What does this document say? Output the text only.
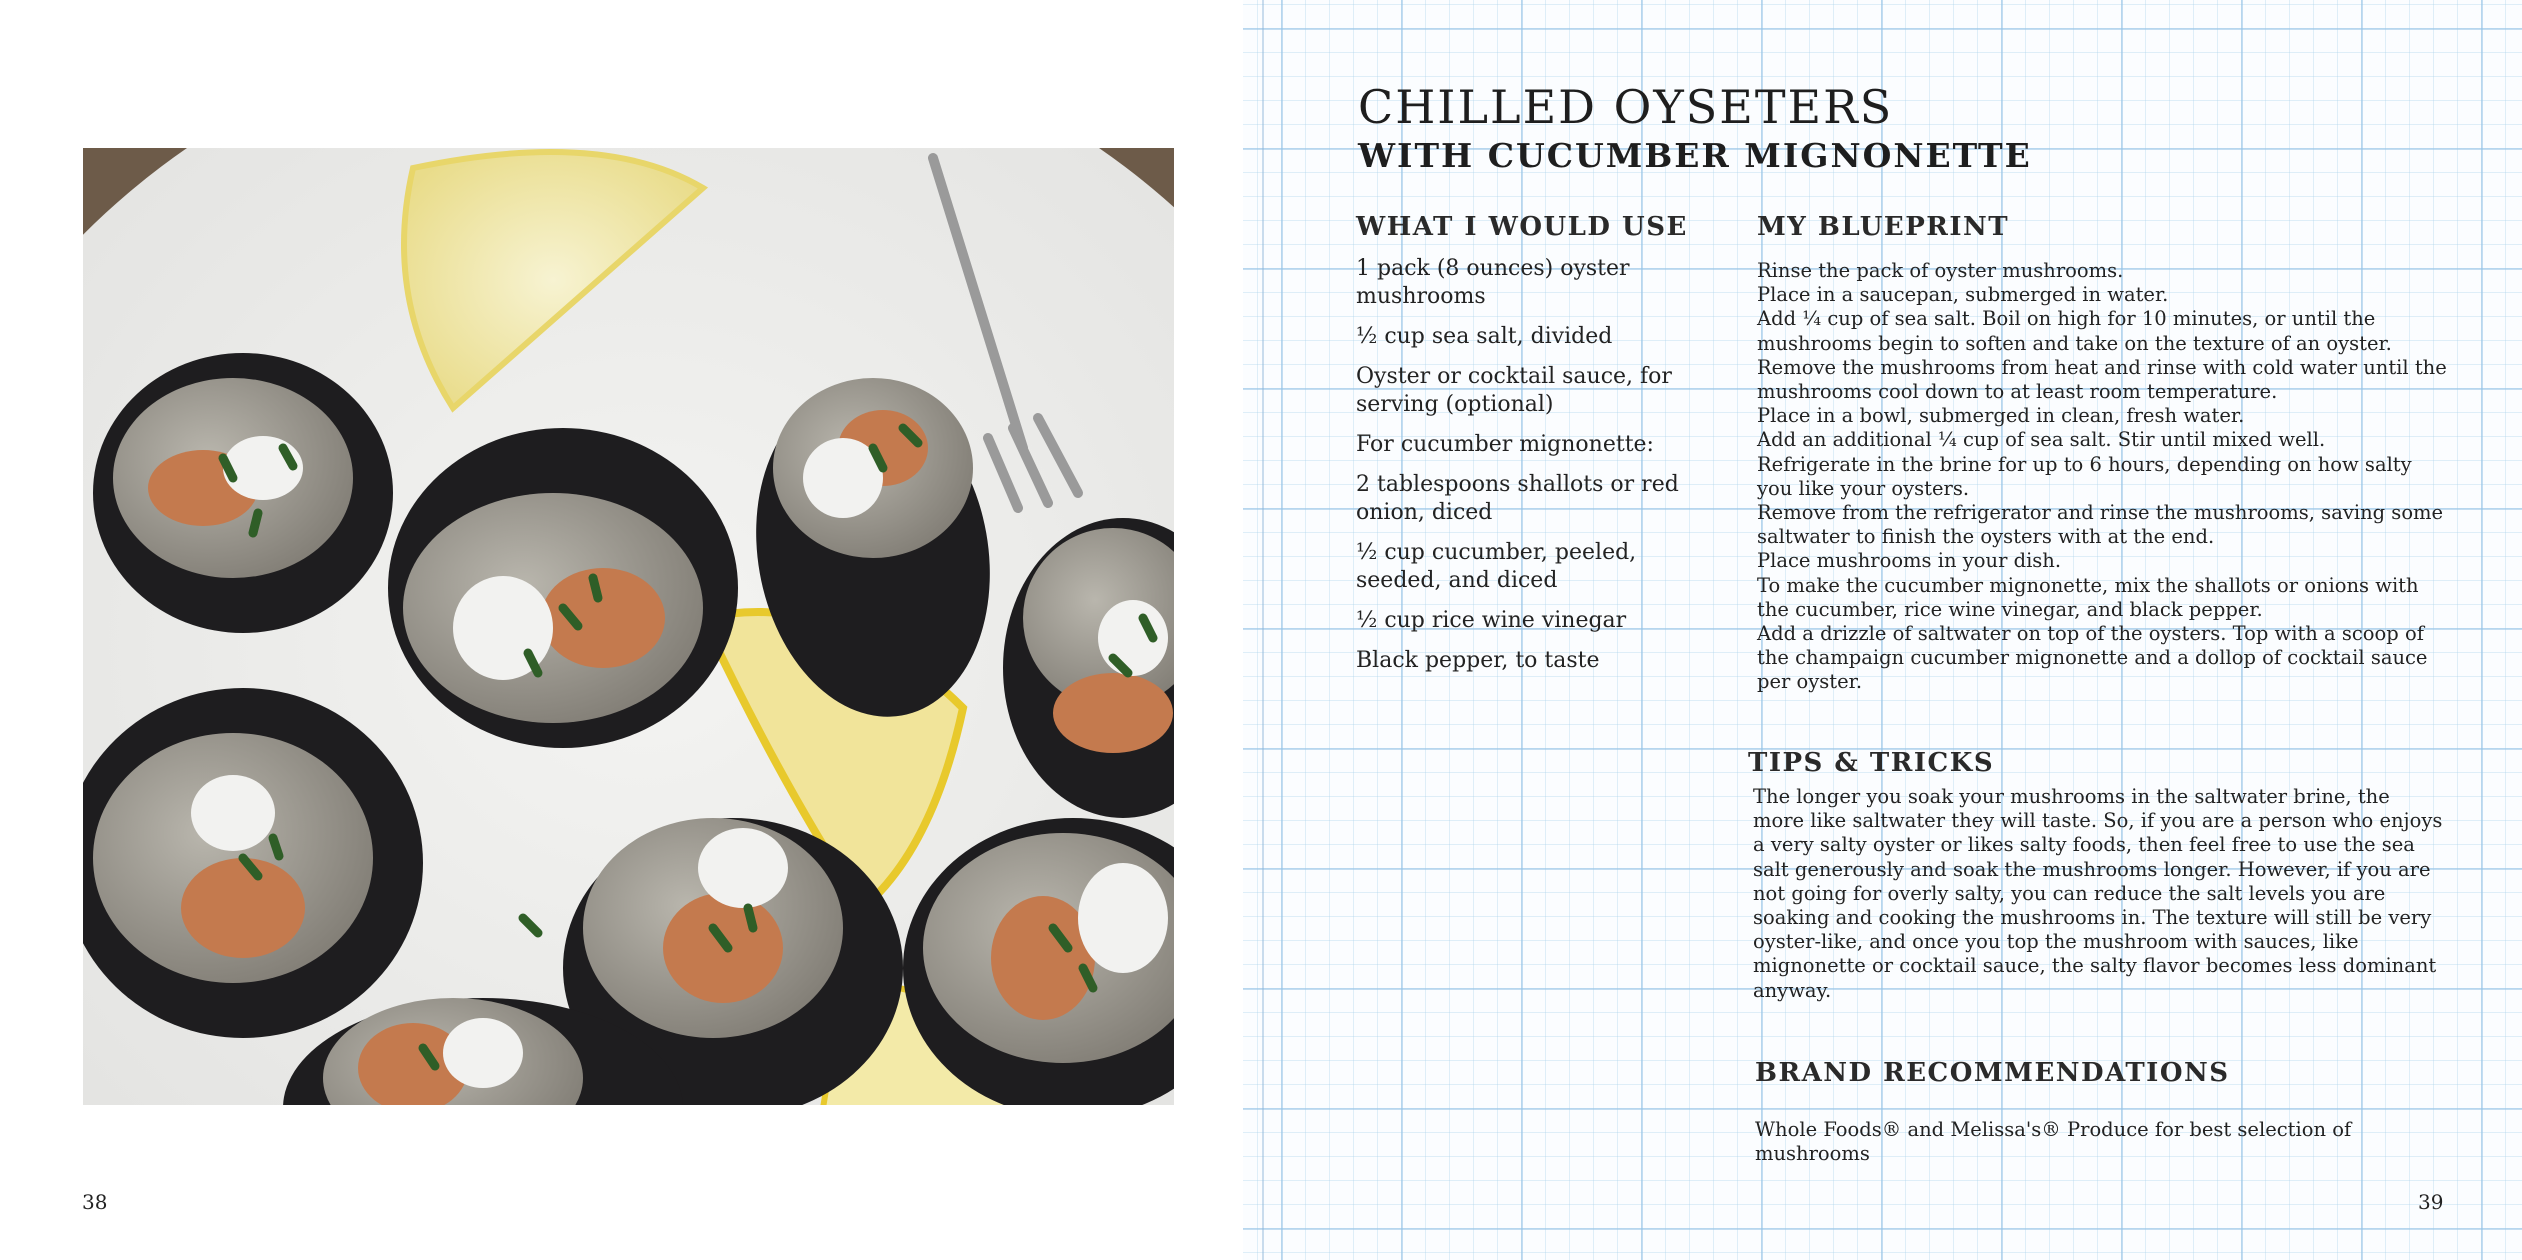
38
CHILLED OYSETERS
WITH CUCUMBER MIGNONETTE
WHAT I WOULD USE
1 pack (8 ounces) oyster mushrooms
½ cup sea salt, divided
Oyster or cocktail sauce, for serving (optional)
For cucumber mignonette:
2 tablespoons shallots or red onion, diced
½ cup cucumber, peeled, seeded, and diced
½ cup rice wine vinegar
Black pepper, to taste
MY BLUEPRINT
Rinse the pack of oyster mushrooms.
Place in a saucepan, submerged in water.
Add ¼ cup of sea salt. Boil on high for 10 minutes, or until the mushrooms begin to soften and take on the texture of an oyster.
Remove the mushrooms from heat and rinse with cold water until the mushrooms cool down to at least room temperature.
Place in a bowl, submerged in clean, fresh water.
Add an additional ¼ cup of sea salt. Stir until mixed well.
Refrigerate in the brine for up to 6 hours, depending on how salty you like your oysters.
Remove from the refrigerator and rinse the mushrooms, saving some saltwater to finish the oysters with at the end.
Place mushrooms in your dish.
To make the cucumber mignonette, mix the shallots or onions with the cucumber, rice wine vinegar, and black pepper.
Add a drizzle of saltwater on top of the oysters. Top with a scoop of the champaign cucumber mignonette and a dollop of cocktail sauce per oyster.
TIPS & TRICKS

The longer you soak your mushrooms in the saltwater brine, the more like saltwater they will taste. So, if you are a person who enjoys a very salty oyster or likes salty foods, then feel free to use the sea salt generously and soak the mushrooms longer. However, if you are not going for overly salty, you can reduce the salt levels you are soaking and cooking the mushrooms in. The texture will still be very oyster-like, and once you top the mushroom with sauces, like mignonette or cocktail sauce, the salty flavor becomes less dominant anyway.

BRAND RECOMMENDATIONS

Whole Foods® and Melissa's® Produce for best selection of mushrooms

39
